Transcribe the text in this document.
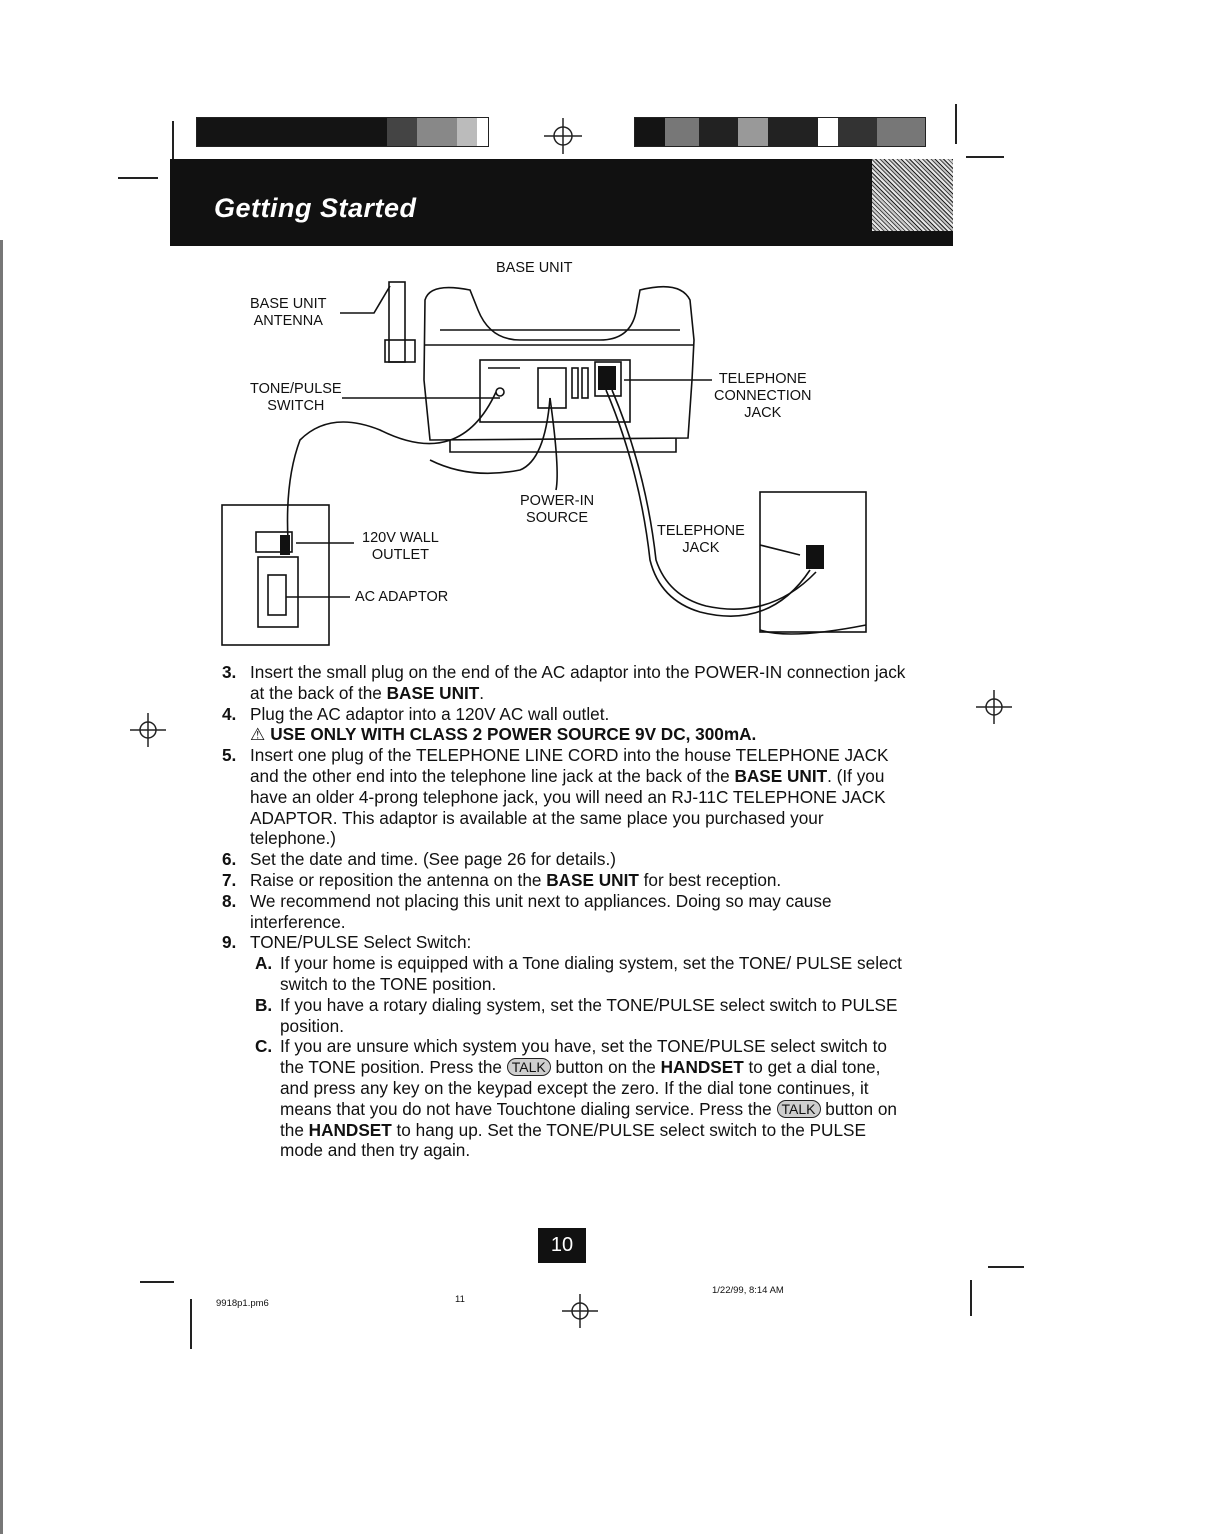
Getting Started
BASE UNIT
BASE UNIT
ANTENNA
TONE/PULSE
SWITCH
TELEPHONE
CONNECTION
JACK
POWER-IN
SOURCE
120V WALL
OUTLET
AC ADAPTOR
TELEPHONE
JACK
3. Insert the small plug on the end of the AC adaptor into the POWER-IN connection jack at the back of the BASE UNIT.
4. Plug the AC adaptor into a 120V AC wall outlet.
⚠ USE ONLY WITH CLASS 2 POWER SOURCE 9V DC, 300mA.
5. Insert one plug of the TELEPHONE LINE CORD into the house TELEPHONE JACK and the other end into the telephone line jack at the back of the BASE UNIT. (If you have an older 4-prong telephone jack, you will need an RJ-11C TELEPHONE JACK ADAPTOR. This adaptor is available at the same place you purchased your telephone.)
6. Set the date and time. (See page 26 for details.)
7. Raise or reposition the antenna on the BASE UNIT for best reception.
8. We recommend not placing this unit next to appliances. Doing so may cause interference.
9. TONE/PULSE Select Switch:
A. If your home is equipped with a Tone dialing system, set the TONE/ PULSE select switch to the TONE position.
B. If you have a rotary dialing system, set the TONE/PULSE select switch to PULSE position.
C. If you are unsure which system you have, set the TONE/PULSE select switch to the TONE position. Press the TALK button on the HANDSET to get a dial tone, and press any key on the keypad except the zero. If the dial tone continues, it means that you do not have Touchtone dialing service. Press the TALK button on the HANDSET to hang up. Set the TONE/PULSE select switch to the PULSE mode and then try again.
10
9918p1.pm6	11
1/22/99, 8:14 AM
